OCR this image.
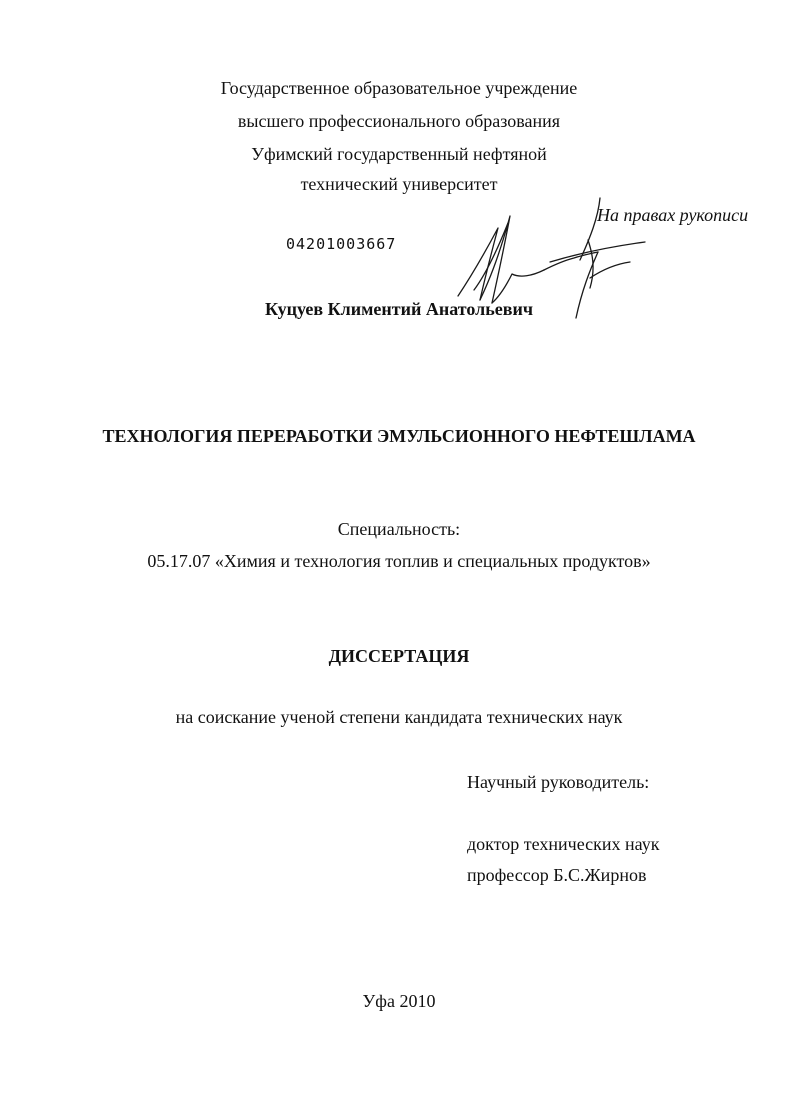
Государственное образовательное учреждение
высшего профессионального образования
Уфимский государственный нефтяной
технический университет
На правах рукописи
04201003667
Куцуев Климентий Анатольевич
ТЕХНОЛОГИЯ ПЕРЕРАБОТКИ ЭМУЛЬСИОННОГО НЕФТЕШЛАМА
Специальность:
05.17.07 «Химия и технология топлив и специальных продуктов»
ДИССЕРТАЦИЯ
на соискание ученой степени кандидата технических наук
Научный руководитель:
доктор технических наук
профессор Б.С.Жирнов
Уфа 2010
